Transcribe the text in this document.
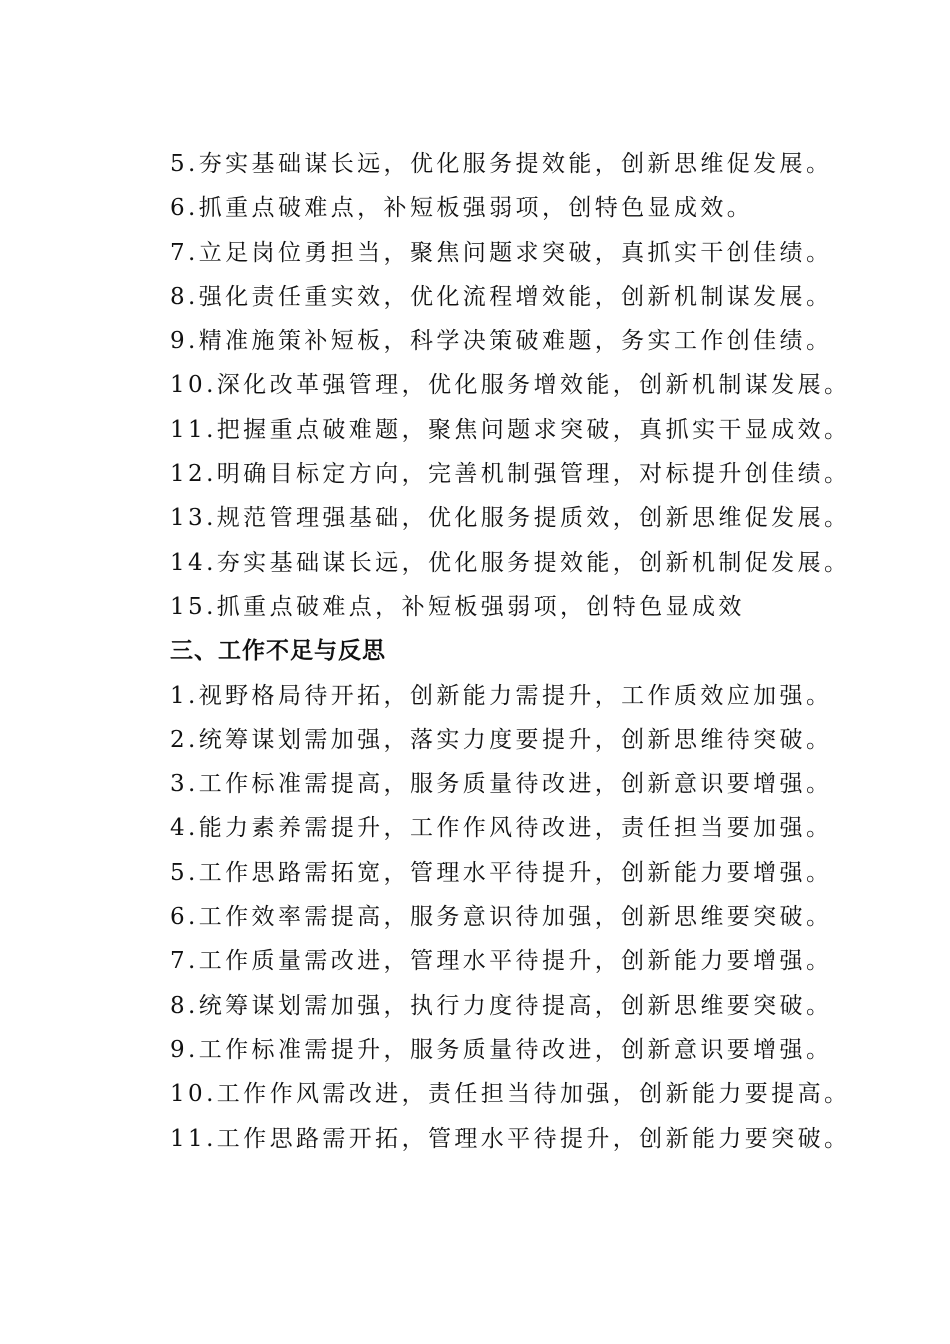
5.夯实基础谋长远，优化服务提效能，创新思维促发展。
6.抓重点破难点，补短板强弱项，创特色显成效。
7.立足岗位勇担当，聚焦问题求突破，真抓实干创佳绩。
8.强化责任重实效，优化流程增效能，创新机制谋发展。
9.精准施策补短板，科学决策破难题，务实工作创佳绩。
10.深化改革强管理，优化服务增效能，创新机制谋发展。
11.把握重点破难题，聚焦问题求突破，真抓实干显成效。
12.明确目标定方向，完善机制强管理，对标提升创佳绩。
13.规范管理强基础，优化服务提质效，创新思维促发展。
14.夯实基础谋长远，优化服务提效能，创新机制促发展。
15.抓重点破难点，补短板强弱项，创特色显成效
三、工作不足与反思
1.视野格局待开拓，创新能力需提升，工作质效应加强。
2.统筹谋划需加强，落实力度要提升，创新思维待突破。
3.工作标准需提高，服务质量待改进，创新意识要增强。
4.能力素养需提升，工作作风待改进，责任担当要加强。
5.工作思路需拓宽，管理水平待提升，创新能力要增强。
6.工作效率需提高，服务意识待加强，创新思维要突破。
7.工作质量需改进，管理水平待提升，创新能力要增强。
8.统筹谋划需加强，执行力度待提高，创新思维要突破。
9.工作标准需提升，服务质量待改进，创新意识要增强。
10.工作作风需改进，责任担当待加强，创新能力要提高。
11.工作思路需开拓，管理水平待提升，创新能力要突破。
